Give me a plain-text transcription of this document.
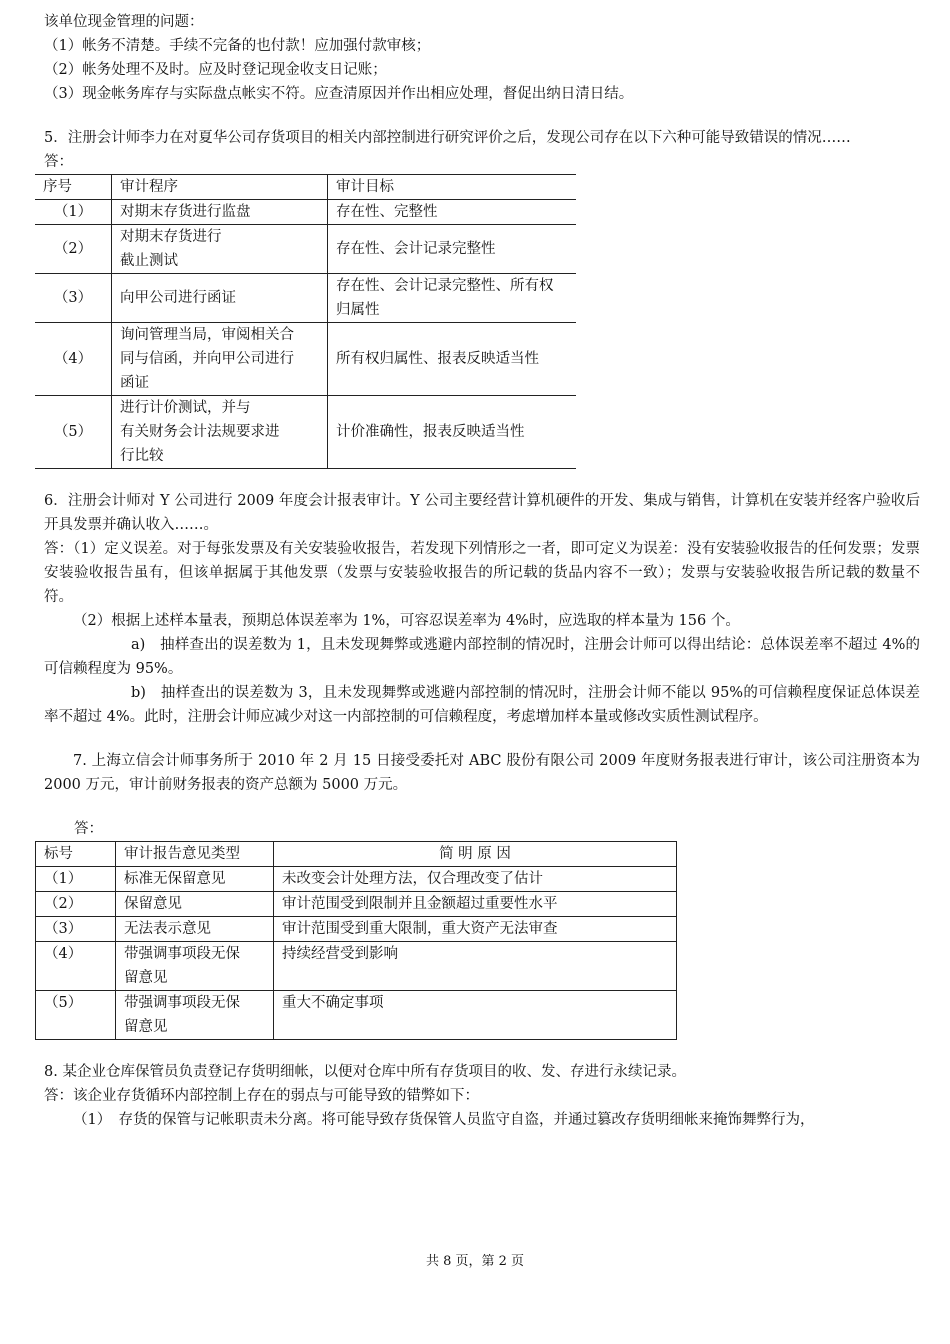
该单位现金管理的问题：

（1）帐务不清楚。手续不完备的也付款！应加强付款审核；

（2）帐务处理不及时。应及时登记现金收支日记账；

（3）现金帐务库存与实际盘点帐实不符。应查清原因并作出相应处理，督促出纳日清日结。

5．注册会计师李力在对夏华公司存货项目的相关内部控制进行研究评价之后，发现公司存在以下六种可能导致错误的情况……

答：

序号	审计程序	审计目标
（1）	对期末存货进行监盘	存在性、完整性
（2）	对期末存货进行
截止测试	存在性、会计记录完整性
（3）	向甲公司进行函证	存在性、会计记录完整性、所有权
归属性
（4）	询问管理当局，审阅相关合
同与信函，并向甲公司进行
函证	所有权归属性、报表反映适当性
（5）	进行计价测试，并与
有关财务会计法规要求进
行比较	计价准确性，报表反映适当性

6．注册会计师对 Y 公司进行 2009 年度会计报表审计。Y 公司主要经营计算机硬件的开发、集成与销售，计算机在安装并经客户验收后开具发票并确认收入……。

答：（1）定义误差。对于每张发票及有关安装验收报告，若发现下列情形之一者，即可定义为误差：没有安装验收报告的任何发票；发票安装验收报告虽有，但该单据属于其他发票（发票与安装验收报告的所记载的货品内容不一致）；发票与安装验收报告所记载的数量不符。

（2）根据上述样本量表，预期总体误差率为 1%，可容忍误差率为 4%时，应选取的样本量为 156 个。

a)　抽样查出的误差数为 1，且未发现舞弊或逃避内部控制的情况时，注册会计师可以得出结论：总体误差率不超过 4%的可信赖程度为 95%。

b)　抽样查出的误差数为 3，且未发现舞弊或逃避内部控制的情况时，注册会计师不能以 95%的可信赖程度保证总体误差率不超过 4%。此时，注册会计师应减少对这一内部控制的可信赖程度，考虑增加样本量或修改实质性测试程序。

7. 上海立信会计师事务所于 2010 年 2 月 15 日接受委托对 ABC 股份有限公司 2009 年度财务报表进行审计，该公司注册资本为 2000 万元，审计前财务报表的资产总额为 5000 万元。

答：

标号	审计报告意见类型	简 明 原 因
（1）	标准无保留意见	未改变会计处理方法，仅合理改变了估计
（2）	保留意见	审计范围受到限制并且金额超过重要性水平
（3）	无法表示意见	审计范围受到重大限制，重大资产无法审查
（4）	带强调事项段无保
留意见	持续经营受到影响
（5）	带强调事项段无保
留意见	重大不确定事项

8. 某企业仓库保管员负责登记存货明细帐，以便对仓库中所有存货项目的收、发、存进行永续记录。

答：该企业存货循环内部控制上存在的弱点与可能导致的错弊如下：

（1）　存货的保管与记帐职责未分离。将可能导致存货保管人员监守自盗，并通过篡改存货明细帐来掩饰舞弊行为，

共 8 页，第 2 页
